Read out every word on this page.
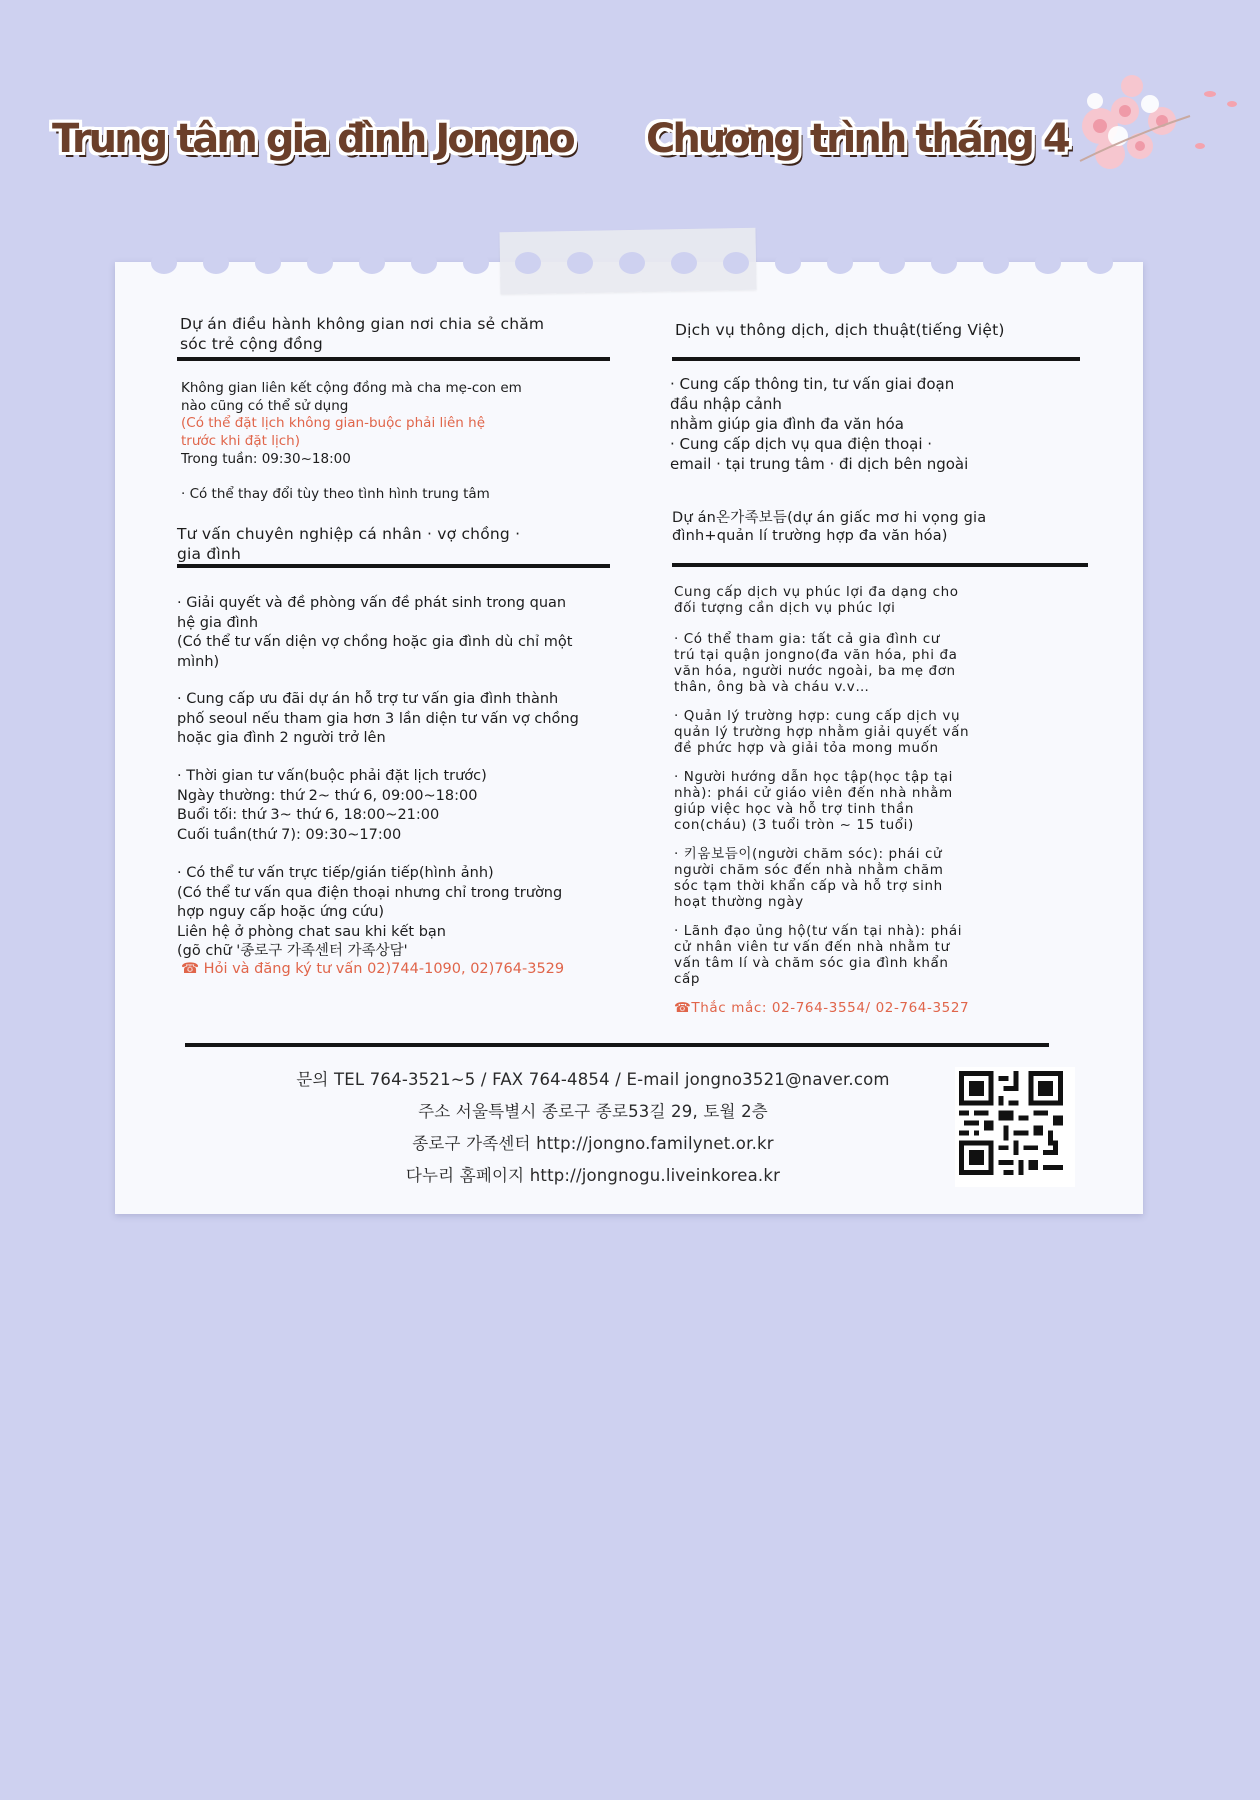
Trung tâm gia đình Jongno Chương trình tháng 4
Dự án điều hành không gian nơi chia sẻ chăm
sóc trẻ cộng đồng
Không gian liên kết cộng đồng mà cha mẹ-con em
nào cũng có thể sử dụng
(Có thể đặt lịch không gian-buộc phải liên hệ
trước khi đặt lịch)
Trong tuần: 09:30~18:00
· Có thể thay đổi tùy theo tình hình trung tâm
Tư vấn chuyên nghiệp cá nhân · vợ chồng ·
gia đình
· Giải quyết và đề phòng vấn đề phát sinh trong quan
hệ gia đình
(Có thể tư vấn diện vợ chồng hoặc gia đình dù chỉ một
mình)
· Cung cấp ưu đãi dự án hỗ trợ tư vấn gia đình thành
phố seoul nếu tham gia hơn 3 lần diện tư vấn vợ chồng
hoặc gia đình 2 người trở lên
· Thời gian tư vấn(buộc phải đặt lịch trước)
Ngày thường: thứ 2~ thứ 6, 09:00~18:00
Buổi tối: thứ 3~ thứ 6, 18:00~21:00
Cuối tuần(thứ 7): 09:30~17:00
· Có thể tư vấn trực tiếp/gián tiếp(hình ảnh)
(Có thể tư vấn qua điện thoại nhưng chỉ trong trường
hợp nguy cấp hoặc ứng cứu)
Liên hệ ở phòng chat sau khi kết bạn
(gõ chữ '종로구 가족센터 가족상담'
☎ Hỏi và đăng ký tư vấn 02)744-1090, 02)764-3529
Dịch vụ thông dịch, dịch thuật(tiếng Việt)
· Cung cấp thông tin, tư vấn giai đoạn
đầu nhập cảnh
nhằm giúp gia đình đa văn hóa
· Cung cấp dịch vụ qua điện thoại ·
email · tại trung tâm · đi dịch bên ngoài
Dự án온가족보듬(dự án giấc mơ hi vọng gia
đình+quản lí trường hợp đa văn hóa)
Cung cấp dịch vụ phúc lợi đa dạng cho
đối tượng cần dịch vụ phúc lợi
· Có thể tham gia: tất cả gia đình cư
trú tại quận jongno(đa văn hóa, phi đa
văn hóa, người nước ngoài, ba mẹ đơn
thân, ông bà và cháu v.v…
· Quản lý trường hợp: cung cấp dịch vụ
quản lý trường hợp nhằm giải quyết vấn
đề phức hợp và giải tỏa mong muốn
· Người hướng dẫn học tập(học tập tại
nhà): phái cử giáo viên đến nhà nhằm
giúp việc học và hỗ trợ tinh thần
con(cháu) (3 tuổi tròn ~ 15 tuổi)
· 키움보듬이(người chăm sóc): phái cử
người chăm sóc đến nhà nhằm chăm
sóc tạm thời khẩn cấp và hỗ trợ sinh
hoạt thường ngày
· Lãnh đạo ủng hộ(tư vấn tại nhà): phái
cử nhân viên tư vấn đến nhà nhằm tư
vấn tâm lí và chăm sóc gia đình khẩn
cấp
☎Thắc mắc: 02-764-3554/ 02-764-3527
문의 TEL 764-3521~5 / FAX 764-4854 / E-mail jongno3521@naver.com
주소 서울특별시 종로구 종로53길 29, 토월 2층
종로구 가족센터 http://jongno.familynet.or.kr
다누리 홈페이지 http://jongnogu.liveinkorea.kr
